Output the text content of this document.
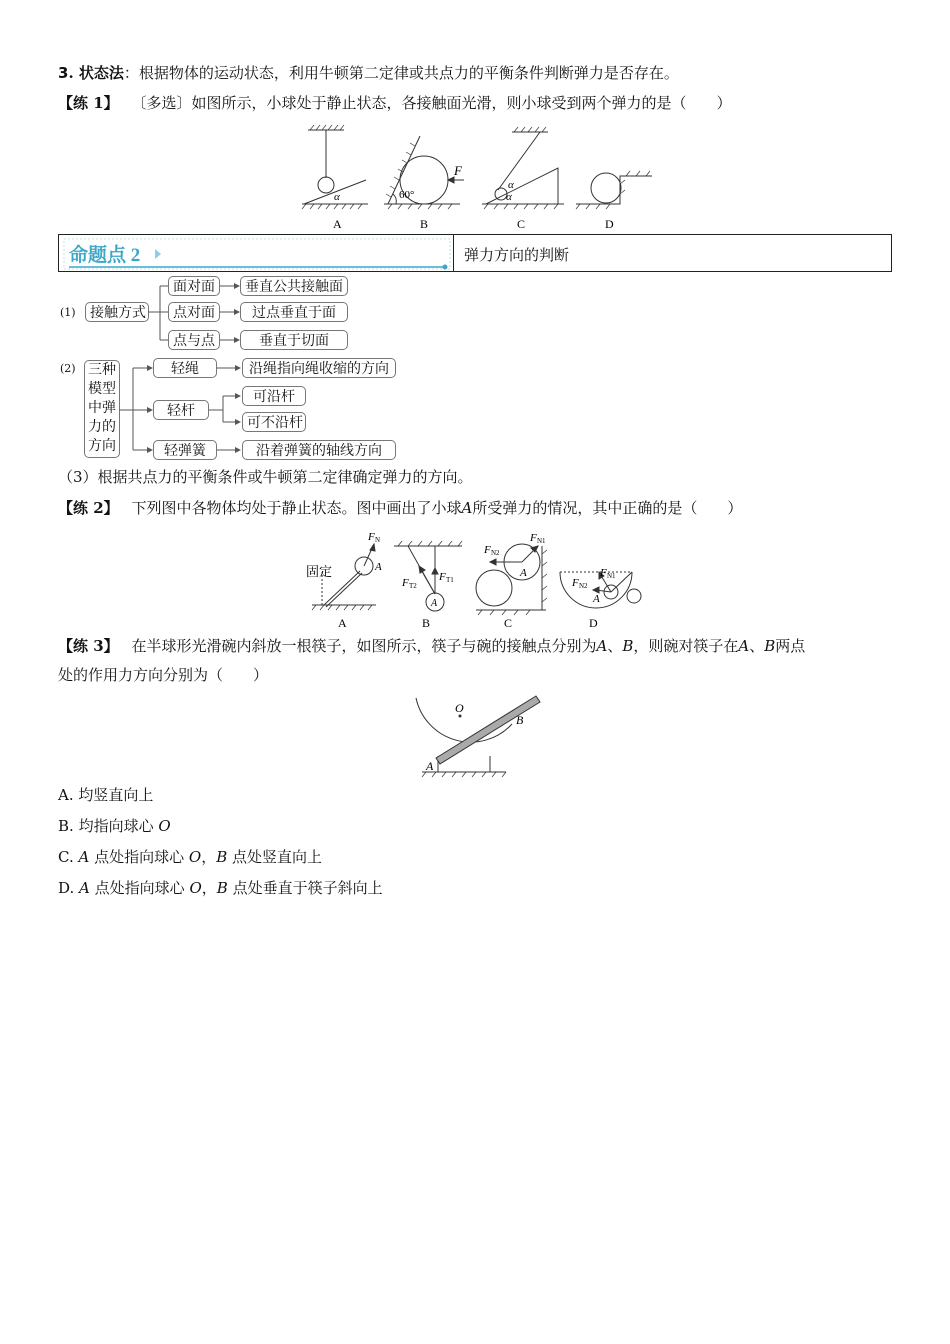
3. 状态法：根据物体的运动状态，利用牛顿第二定律或共点力的平衡条件判断弹力是否存在。
【练 1】 〔多选〕如图所示，小球处于静止状态，各接触面光滑，则小球受到两个弹力的是（　　）
α	60°
F
α
α
A	B	C	D
命题点 2	弹力方向的判断
(1)	接触方式
面对面
点对面
点与点
垂直公共接触面
过点垂直于面
垂直于切面
(2) 三种
模型
中弹
力的
方向
轻绳
轻杆
轻弹簧
沿绳指向绳收缩的方向
可沿杆
可不沿杆
沿着弹簧的轴线方向
（3）根据共点力的平衡条件或牛顿第二定律确定弹力的方向。
【练 2】 下列图中各物体均处于静止状态。图中画出了小球A所受弹力的情况，其中正确的是（　　）
固定
F N
A
F T2
F T1
A
F N2
F N1
A
F N2
F N1
A
A	B	C	D
【练 3】 在半球形光滑碗内斜放一根筷子，如图所示，筷子与碗的接触点分别为A、B，则碗对筷子在A、B两点
处的作用力方向分别为（　　）
O
A
B
A. 均竖直向上
B. 均指向球心 O
C. A 点处指向球心 O，B 点处竖直向上
D. A 点处指向球心 O，B 点处垂直于筷子斜向上
